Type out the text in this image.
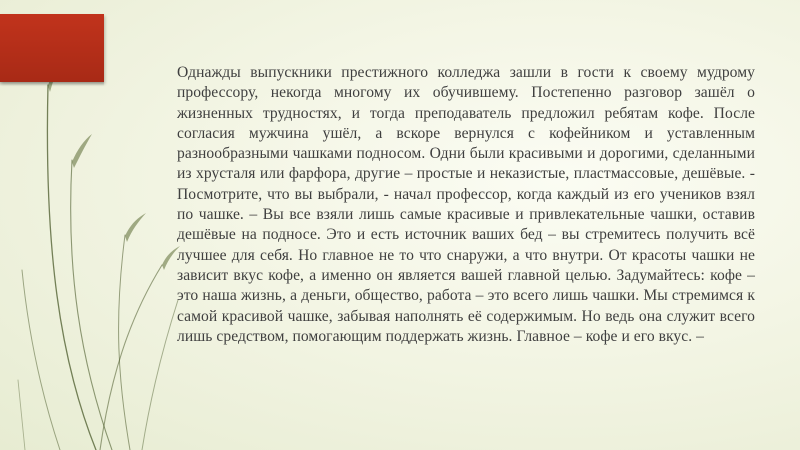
Однажды выпускники престижного колледжа зашли в гости к своему мудрому профессору, некогда многому их обучившему. Постепенно разговор зашёл о жизненных трудностях, и тогда преподаватель предложил ребятам кофе. После согласия мужчина ушёл, а вскоре вернулся с кофейником и уставленным разнообразными чашками подносом. Одни были красивыми и дорогими, сделанными из хрусталя или фарфора, другие – простые и неказистые, пластмассовые, дешёвые. - Посмотрите, что вы выбрали, - начал профессор, когда каждый из его учеников взял по чашке. – Вы все взяли лишь самые красивые и привлекательные чашки, оставив дешёвые на подносе. Это и есть источник ваших бед – вы стремитесь получить всё лучшее для себя. Но главное не то что снаружи, а что внутри. От красоты чашки не зависит вкус кофе, а именно он является вашей главной целью. Задумайтесь: кофе – это наша жизнь, а деньги, общество, работа – это всего лишь чашки. Мы стремимся к самой красивой чашке, забывая наполнять её содержимым. Но ведь она служит всего лишь средством, помогающим поддержать жизнь. Главное – кофе и его вкус. –
